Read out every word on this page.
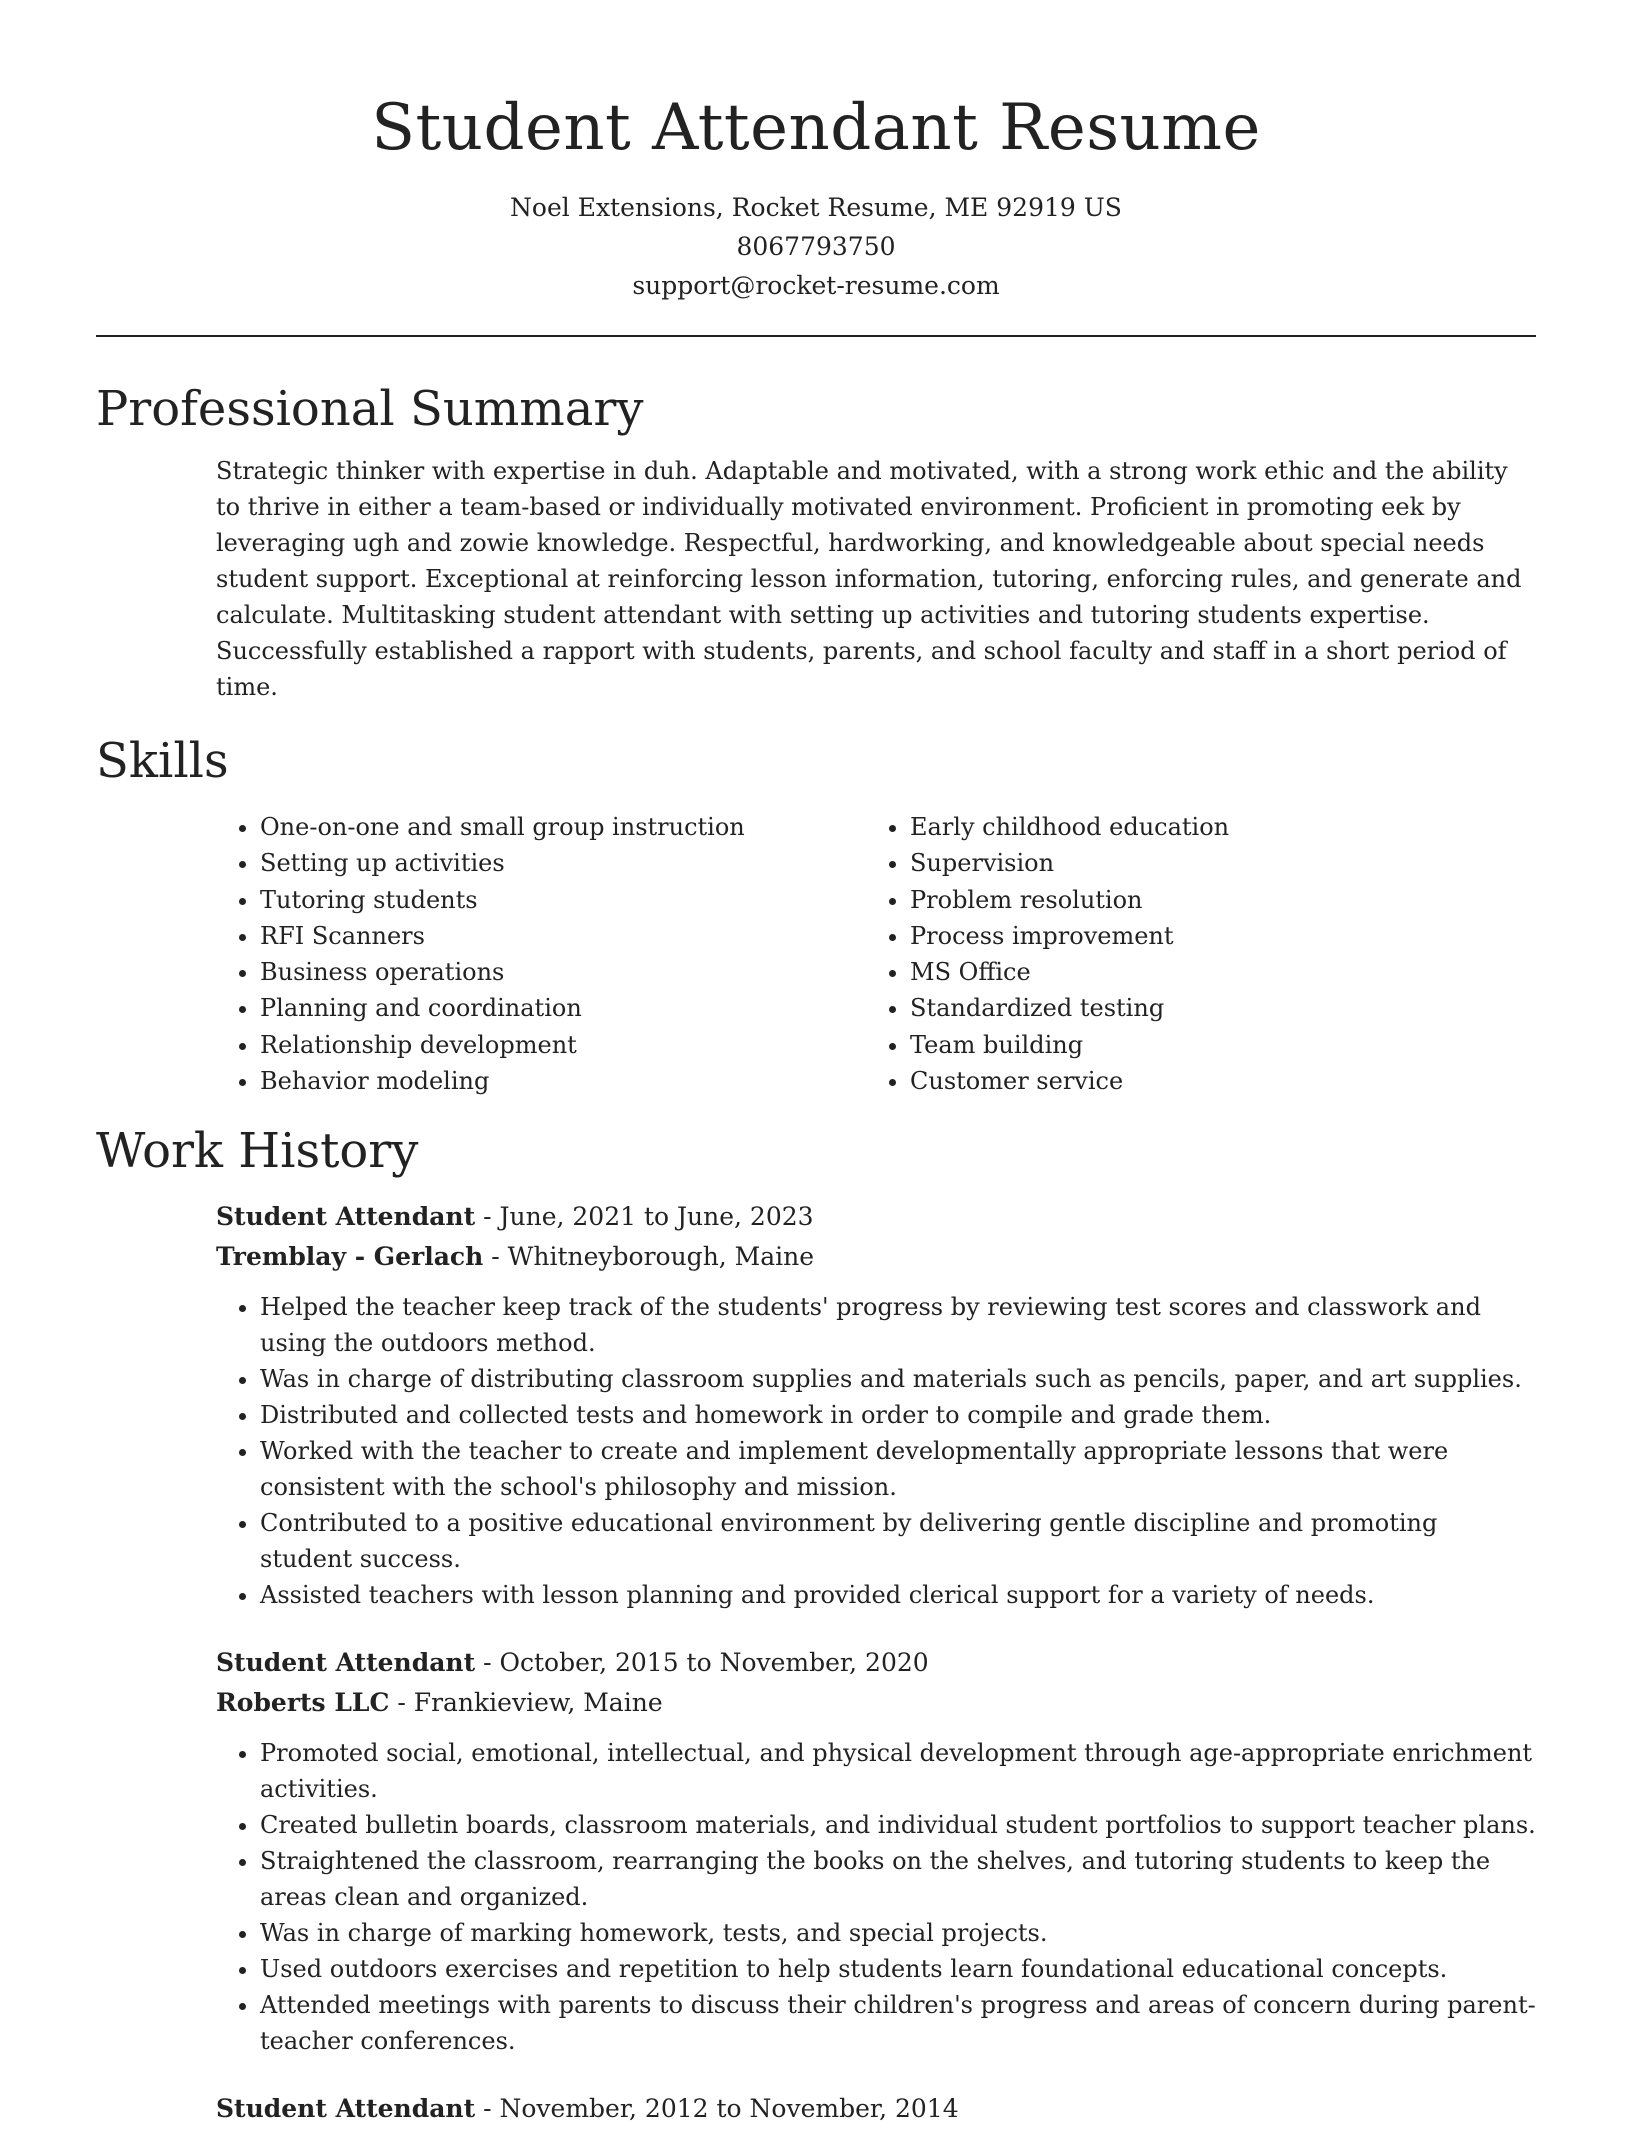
Student Attendant Resume
Noel Extensions, Rocket Resume, ME 92919 US
8067793750
support@rocket-resume.com
Professional Summary
Strategic thinker with expertise in duh. Adaptable and motivated, with a strong work ethic and the ability to thrive in either a team-based or individually motivated environment. Proficient in promoting eek by leveraging ugh and zowie knowledge. Respectful, hardworking, and knowledgeable about special needs student support. Exceptional at reinforcing lesson information, tutoring, enforcing rules, and generate and calculate. Multitasking student attendant with setting up activities and tutoring students expertise. Successfully established a rapport with students, parents, and school faculty and staff in a short period of time.
Skills
• One-on-one and small group instruction
• Setting up activities
• Tutoring students
• RFI Scanners
• Business operations
• Planning and coordination
• Relationship development
• Behavior modeling
• Early childhood education
• Supervision
• Problem resolution
• Process improvement
• MS Office
• Standardized testing
• Team building
• Customer service
Work History
Student Attendant - June, 2021 to June, 2023
Tremblay - Gerlach - Whitneyborough, Maine
• Helped the teacher keep track of the students' progress by reviewing test scores and classwork and using the outdoors method.
• Was in charge of distributing classroom supplies and materials such as pencils, paper, and art supplies.
• Distributed and collected tests and homework in order to compile and grade them.
• Worked with the teacher to create and implement developmentally appropriate lessons that were consistent with the school's philosophy and mission.
• Contributed to a positive educational environment by delivering gentle discipline and promoting student success.
• Assisted teachers with lesson planning and provided clerical support for a variety of needs.
Student Attendant - October, 2015 to November, 2020
Roberts LLC - Frankieview, Maine
• Promoted social, emotional, intellectual, and physical development through age-appropriate enrichment activities.
• Created bulletin boards, classroom materials, and individual student portfolios to support teacher plans.
• Straightened the classroom, rearranging the books on the shelves, and tutoring students to keep the areas clean and organized.
• Was in charge of marking homework, tests, and special projects.
• Used outdoors exercises and repetition to help students learn foundational educational concepts.
• Attended meetings with parents to discuss their children's progress and areas of concern during parent-teacher conferences.
Student Attendant - November, 2012 to November, 2014
